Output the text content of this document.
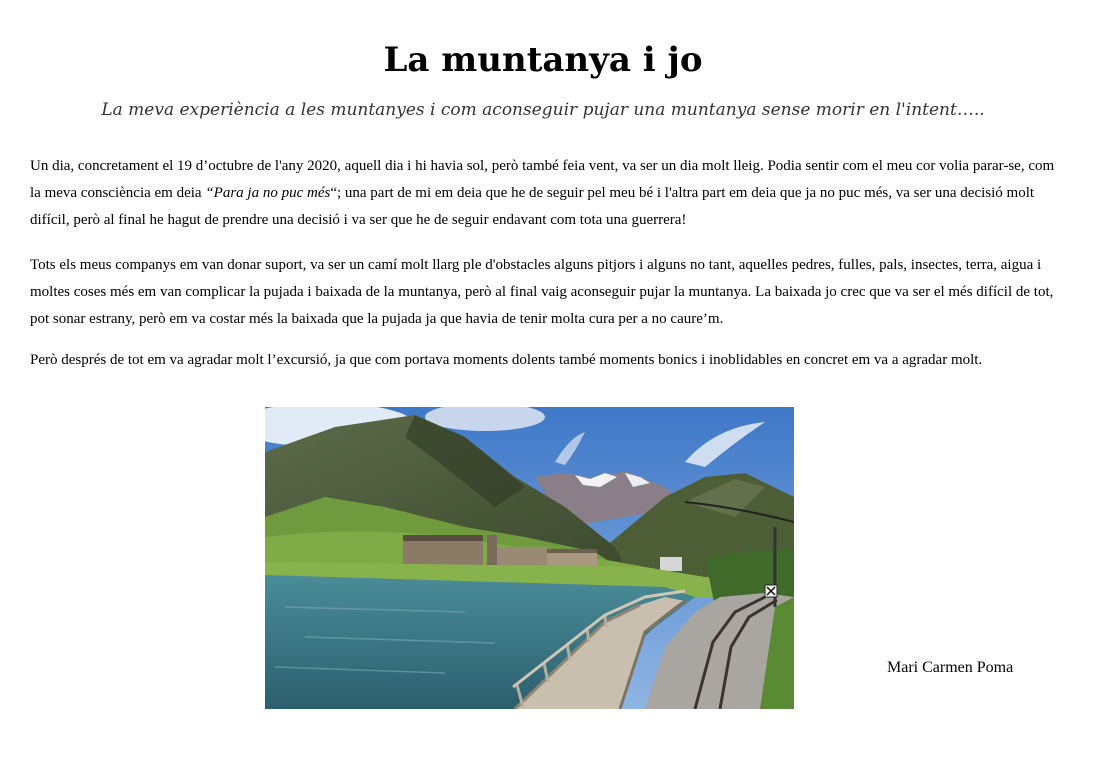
La muntanya i jo

La meva experiència a les muntanyes i com aconseguir pujar una muntanya sense morir en l'intent…..

Un dia, concretament el 19 d’octubre de l'any 2020, aquell dia i hi havia sol, però també feia vent, va ser un dia molt lleig. Podia sentir com el meu cor volia parar-se, com la meva consciència em deia “Para ja no puc més“; una part de mi em deia que he de seguir pel meu bé i l'altra part em deia que ja no puc més, va ser una decisió molt difícil, però al final he hagut de prendre una decisió i va ser que he de seguir endavant com tota una guerrera!

Tots els meus companys em van donar suport, va ser un camí molt llarg ple d'obstacles alguns pitjors i alguns no tant, aquelles pedres, fulles, pals, insectes, terra, aigua i moltes coses més em van complicar la pujada i baixada de la muntanya, però al final vaig aconseguir pujar la muntanya. La baixada jo crec que va ser el més difícil de tot, pot sonar estrany, però em va costar més la baixada que la pujada ja que havia de tenir molta cura per a no caure’m.

Però després de tot em va agradar molt l’excursió, ja que com portava moments dolents també moments bonics i inoblidables en concret em va a agradar molt.

Mari Carmen Poma
